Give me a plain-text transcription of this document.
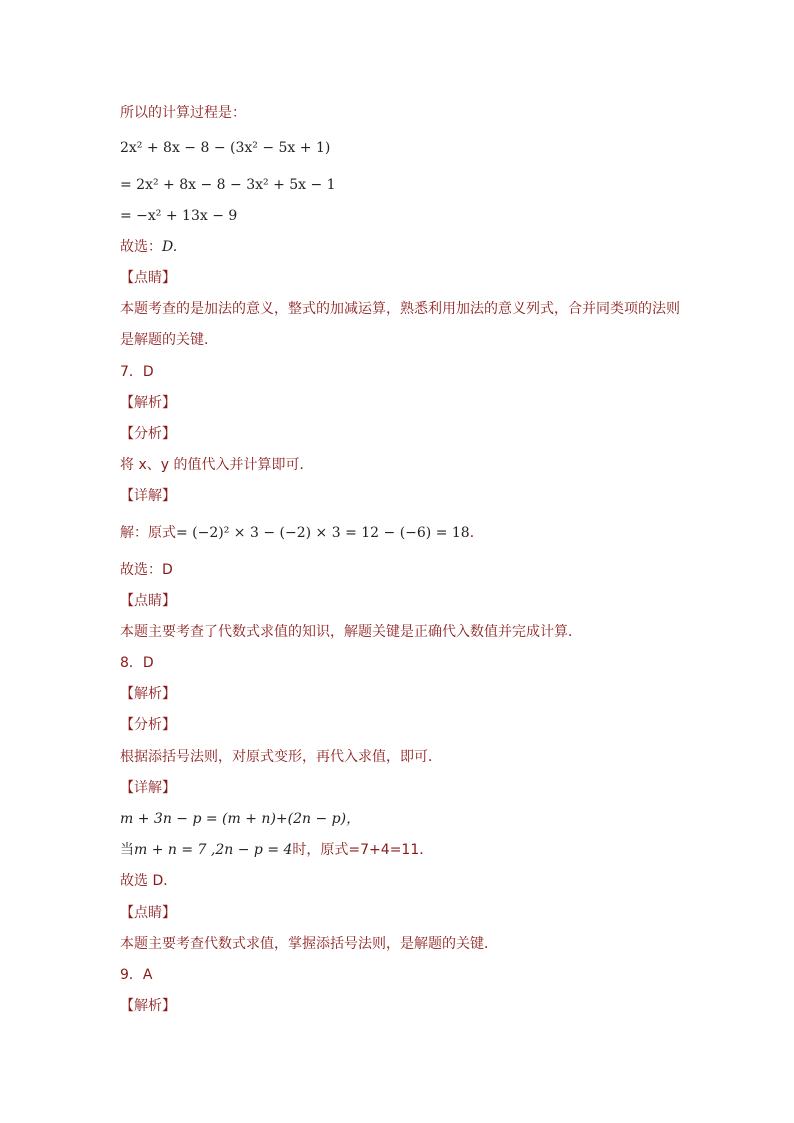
所以的计算过程是：
2x² + 8x − 8 − (3x² − 5x + 1)
= 2x² + 8x − 8 − 3x² + 5x − 1
= −x² + 13x − 9
故选：D.
【点睛】
本题考查的是加法的意义，整式的加减运算，熟悉利用加法的意义列式，合并同类项的法则
是解题的关键.
7．D
【解析】
【分析】
将 x、y 的值代入并计算即可．
【详解】
解：原式= (−2)² × 3 − (−2) × 3 = 12 − (−6) = 18．
故选：D
【点睛】
本题主要考查了代数式求值的知识，解题关键是正确代入数值并完成计算．
8．D
【解析】
【分析】
根据添括号法则，对原式变形，再代入求值，即可．
【详解】
m + 3n − p = (m + n)+(2n − p)，
当m + n = 7 ,2n − p = 4时，原式=7+4=11．
故选 D．
【点睛】
本题主要考查代数式求值，掌握添括号法则，是解题的关键．
9．A
【解析】
